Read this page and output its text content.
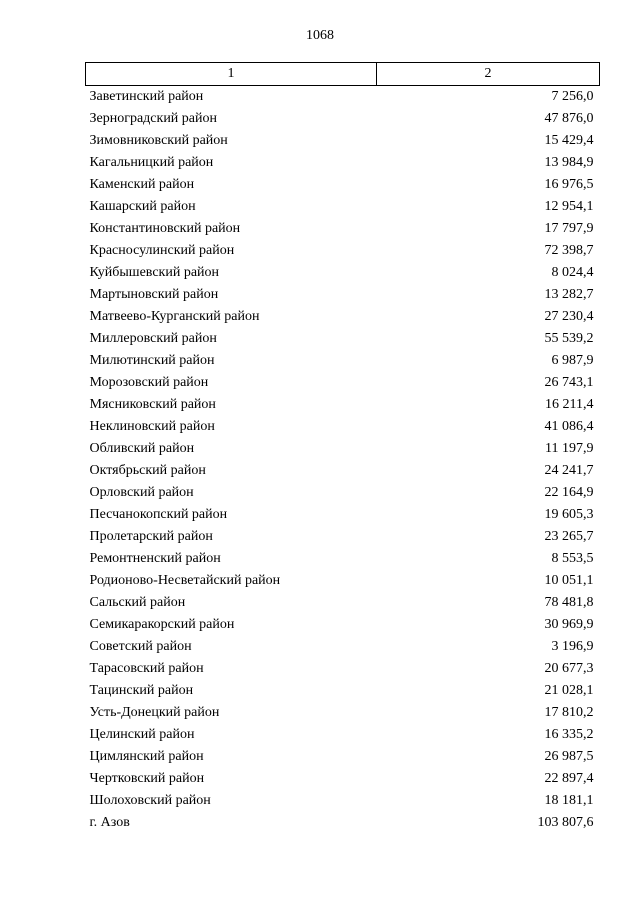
1068
1	2
Заветинский район	7 256,0
Зерноградский район	47 876,0
Зимовниковский район	15 429,4
Кагальницкий район	13 984,9
Каменский район	16 976,5
Кашарский район	12 954,1
Константиновский район	17 797,9
Красносулинский район	72 398,7
Куйбышевский район	8 024,4
Мартыновский район	13 282,7
Матвеево-Курганский район	27 230,4
Миллеровский район	55 539,2
Милютинский район	6 987,9
Морозовский район	26 743,1
Мясниковский район	16 211,4
Неклиновский район	41 086,4
Обливский район	11 197,9
Октябрьский район	24 241,7
Орловский район	22 164,9
Песчанокопский район	19 605,3
Пролетарский район	23 265,7
Ремонтненский район	8 553,5
Родионово-Несветайский район	10 051,1
Сальский район	78 481,8
Семикаракорский район	30 969,9
Советский район	3 196,9
Тарасовский район	20 677,3
Тацинский район	21 028,1
Усть-Донецкий район	17 810,2
Целинский район	16 335,2
Цимлянский район	26 987,5
Чертковский район	22 897,4
Шолоховский район	18 181,1
г. Азов	103 807,6
